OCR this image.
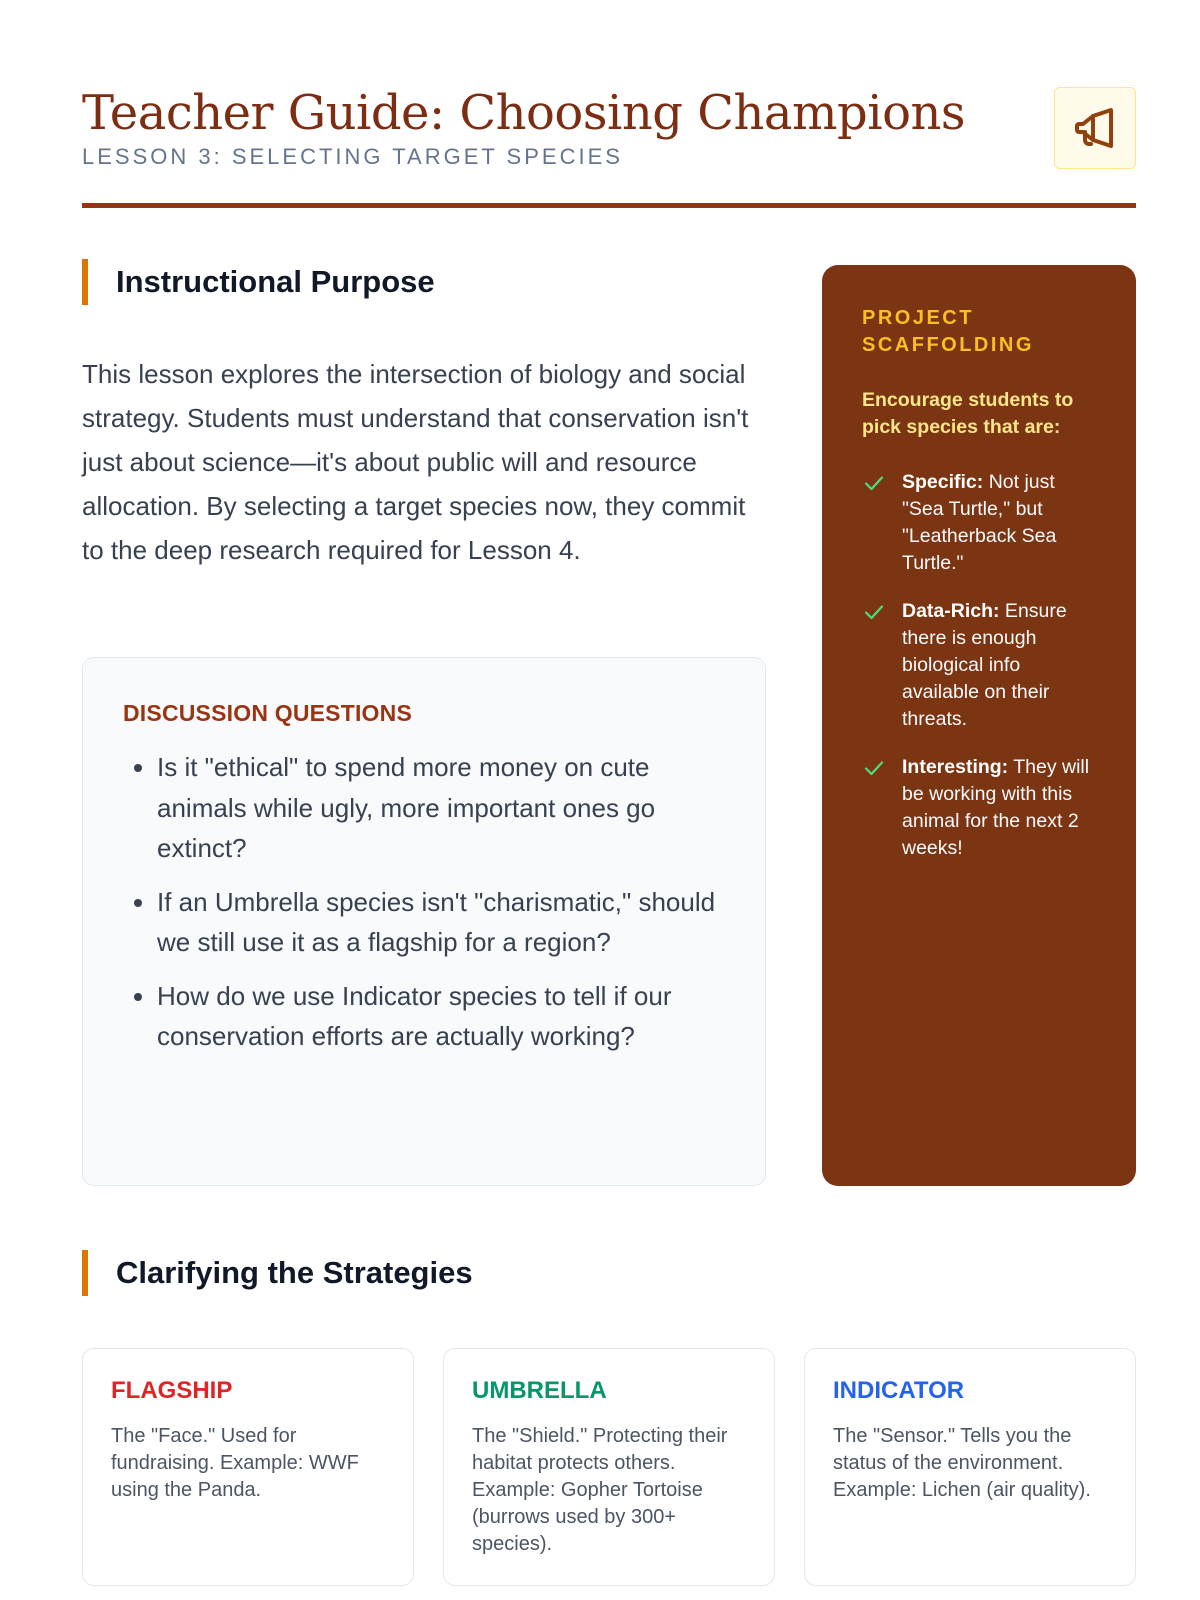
Teacher Guide: Choosing Champions
LESSON 3: SELECTING TARGET SPECIES
Instructional Purpose

This lesson explores the intersection of biology and social strategy. Students must understand that conservation isn't just about science—it's about public will and resource allocation. By selecting a target species now, they commit to the deep research required for Lesson 4.

DISCUSSION QUESTIONS
• Is it "ethical" to spend more money on cute animals while ugly, more important ones go extinct?
• If an Umbrella species isn't "charismatic," should we still use it as a flagship for a region?
• How do we use Indicator species to tell if our conservation efforts are actually working?

PROJECT SCAFFOLDING

Encourage students to pick species that are:

Specific: Not just "Sea Turtle," but "Leatherback Sea Turtle."
Data-Rich: Ensure there is enough biological info available on their threats.
Interesting: They will be working with this animal for the next 2 weeks!
Clarifying the Strategies
FLAGSHIP

The "Face." Used for fundraising. Example: WWF using the Panda.

UMBRELLA

The "Shield." Protecting their habitat protects others. Example: Gopher Tortoise (burrows used by 300+ species).

INDICATOR

The "Sensor." Tells you the status of the environment. Example: Lichen (air quality).
